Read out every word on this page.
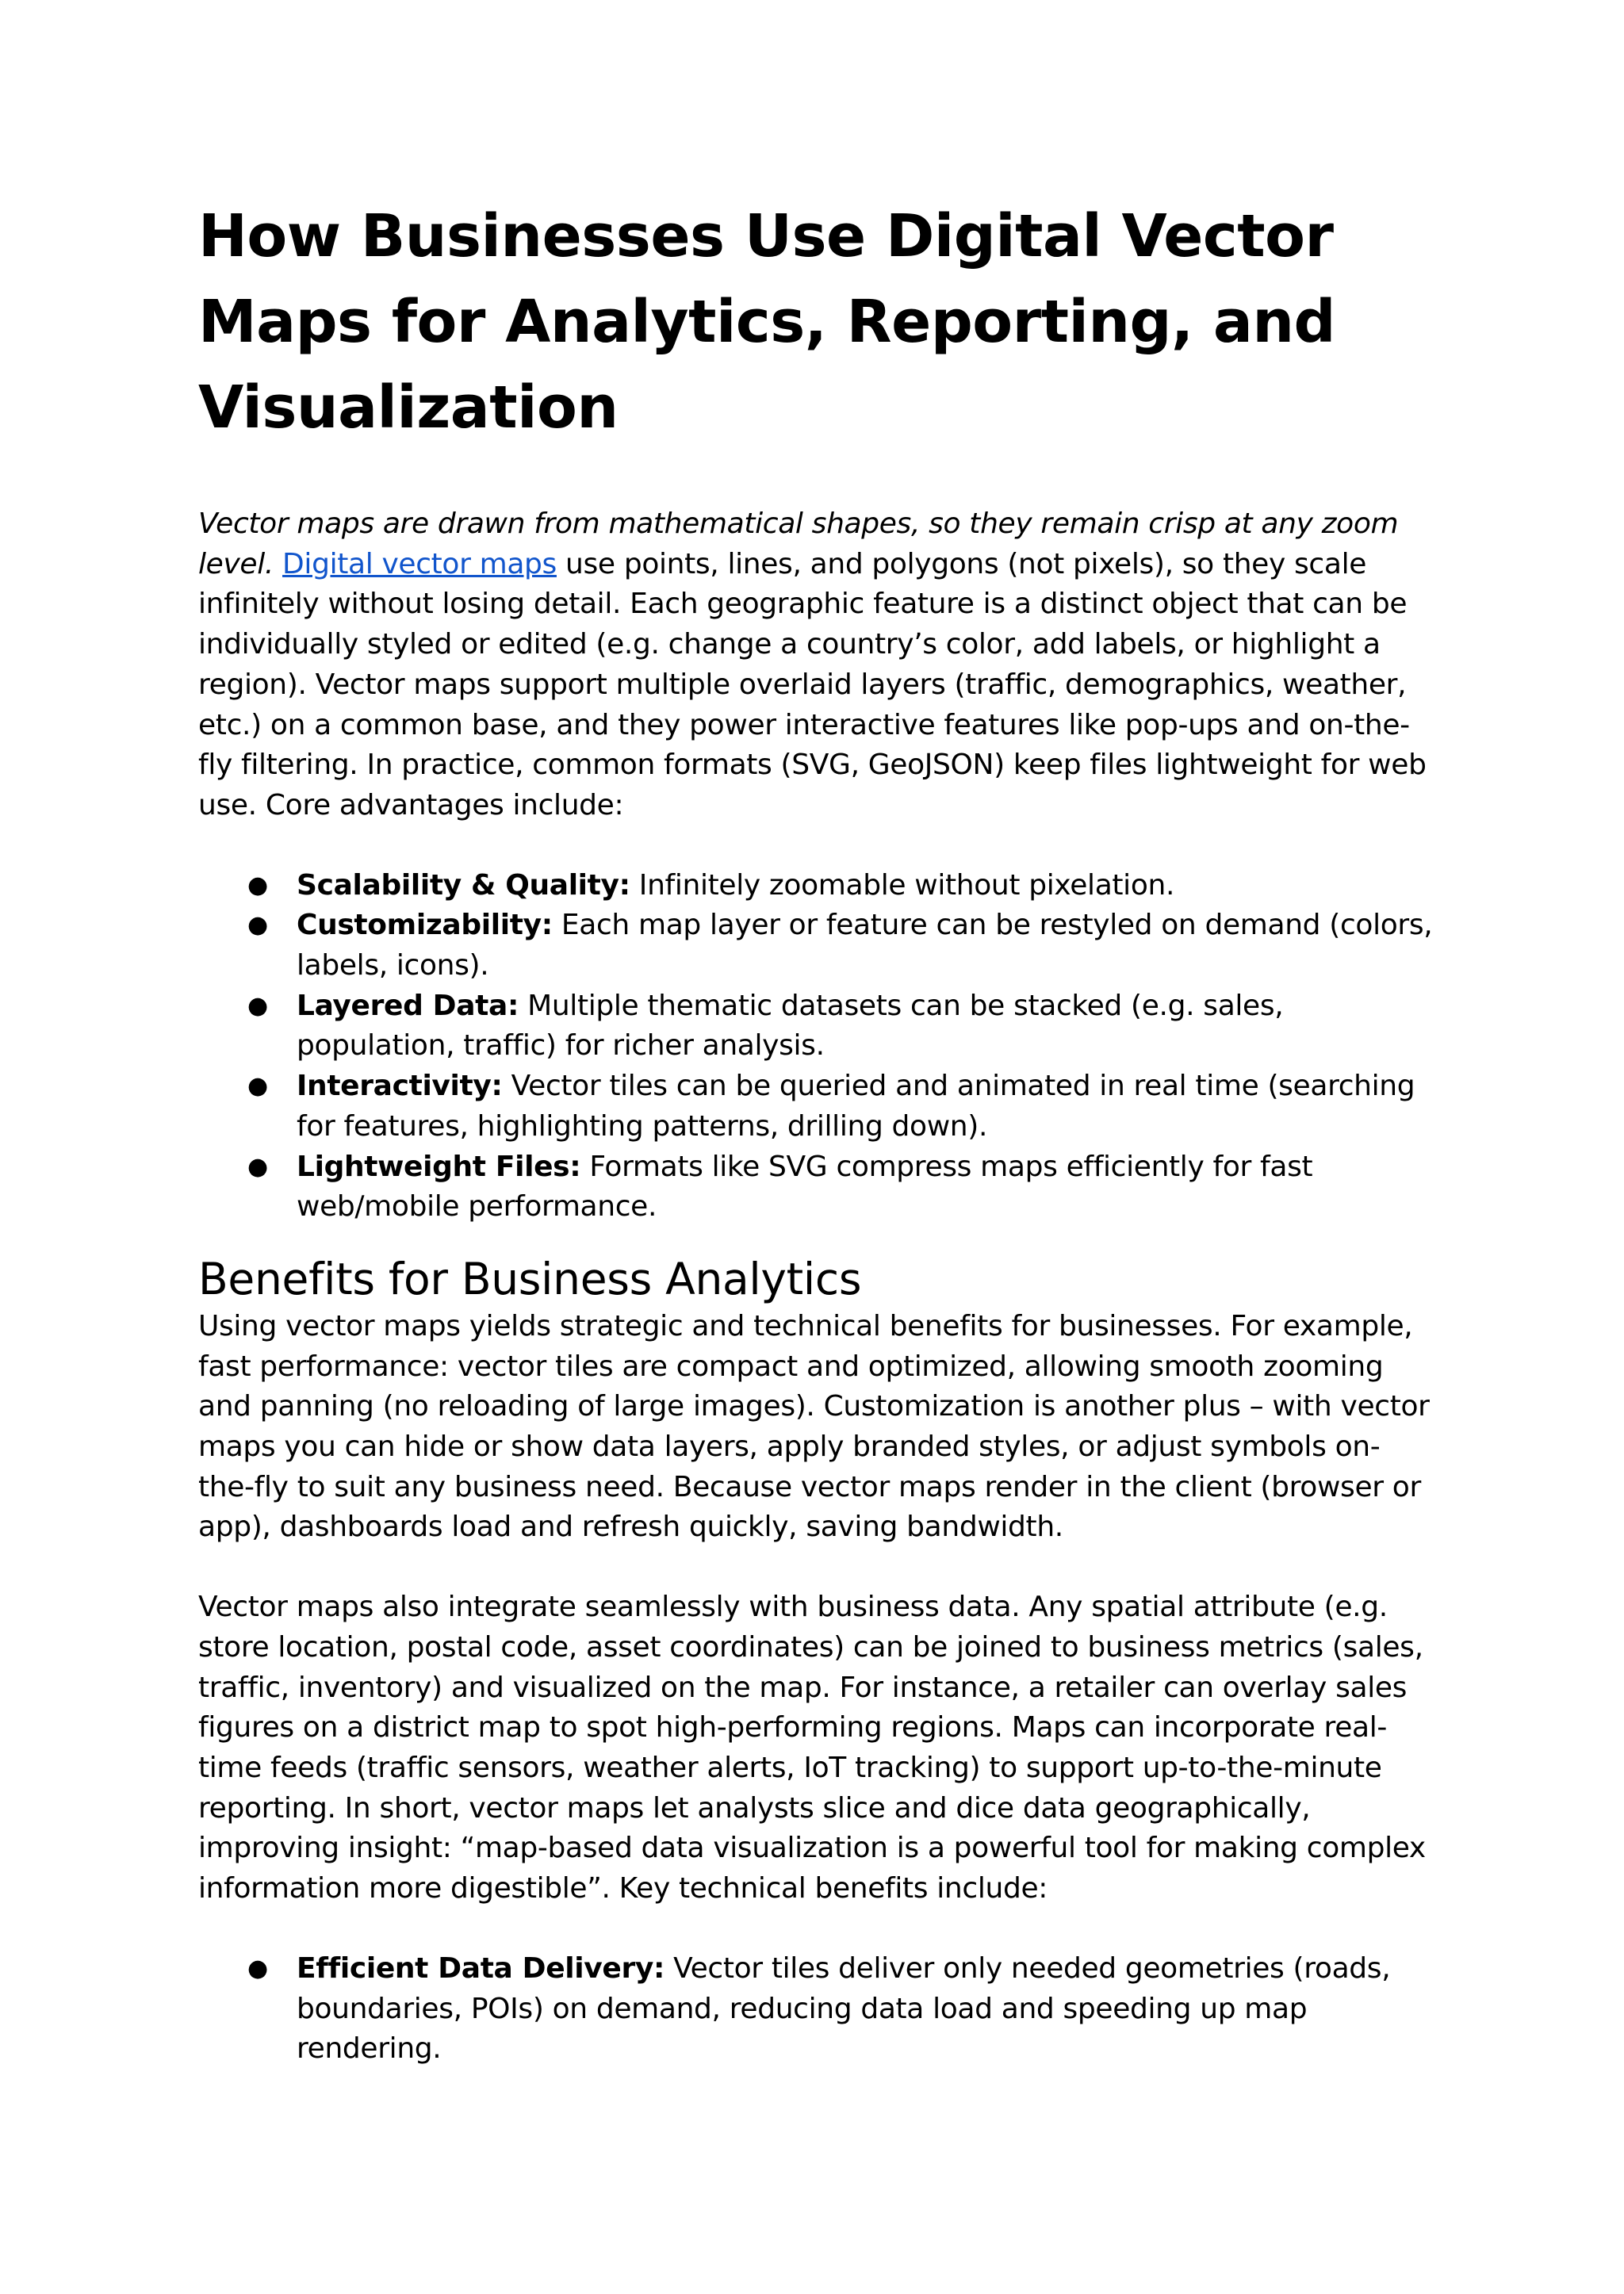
How Businesses Use Digital Vector Maps for Analytics, Reporting, and Visualization

Vector maps are drawn from mathematical shapes, so they remain crisp at any zoom level. Digital vector maps use points, lines, and polygons (not pixels), so they scale infinitely without losing detail. Each geographic feature is a distinct object that can be individually styled or edited (e.g. change a country’s color, add labels, or highlight a region). Vector maps support multiple overlaid layers (traffic, demographics, weather, etc.) on a common base, and they power interactive features like pop-ups and on-the-fly filtering. In practice, common formats (SVG, GeoJSON) keep files lightweight for web use. Core advantages include:

● Scalability & Quality: Infinitely zoomable without pixelation.
● Customizability: Each map layer or feature can be restyled on demand (colors, labels, icons).
● Layered Data: Multiple thematic datasets can be stacked (e.g. sales, population, traffic) for richer analysis.
● Interactivity: Vector tiles can be queried and animated in real time (searching for features, highlighting patterns, drilling down).
● Lightweight Files: Formats like SVG compress maps efficiently for fast web/mobile performance.
Benefits for Business Analytics

Using vector maps yields strategic and technical benefits for businesses. For example, fast performance: vector tiles are compact and optimized, allowing smooth zooming and panning (no reloading of large images). Customization is another plus – with vector maps you can hide or show data layers, apply branded styles, or adjust symbols on-the-fly to suit any business need. Because vector maps render in the client (browser or app), dashboards load and refresh quickly, saving bandwidth.

Vector maps also integrate seamlessly with business data. Any spatial attribute (e.g. store location, postal code, asset coordinates) can be joined to business metrics (sales, traffic, inventory) and visualized on the map. For instance, a retailer can overlay sales figures on a district map to spot high-performing regions. Maps can incorporate real-time feeds (traffic sensors, weather alerts, IoT tracking) to support up-to-the-minute reporting. In short, vector maps let analysts slice and dice data geographically, improving insight: “map-based data visualization is a powerful tool for making complex information more digestible”. Key technical benefits include:

● Efficient Data Delivery: Vector tiles deliver only needed geometries (roads, boundaries, POIs) on demand, reducing data load and speeding up map rendering.
